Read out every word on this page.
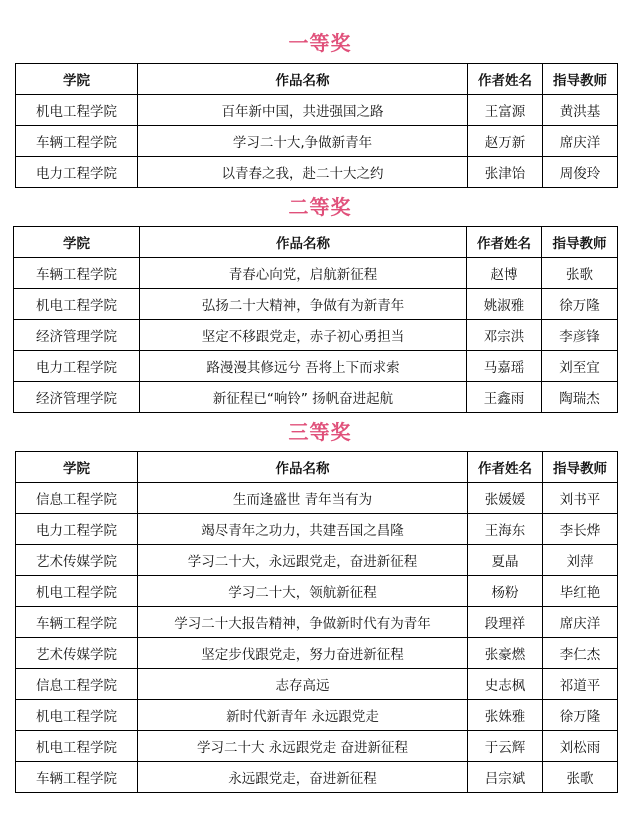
一等奖
学院	作品名称	作者姓名	指导教师
机电工程学院	百年新中国，共进强国之路	王富源	黄洪基
车辆工程学院	学习二十大,争做新青年	赵万新	席庆洋
电力工程学院	以青春之我，赴二十大之约	张津饴	周俊玲
二等奖
学院	作品名称	作者姓名	指导教师
车辆工程学院	青春心向党，启航新征程	赵博	张歌
机电工程学院	弘扬二十大精神，争做有为新青年	姚淑雅	徐万隆
经济管理学院	坚定不移跟党走，赤子初心勇担当	邓宗洪	李彦锋
电力工程学院	路漫漫其修远兮 吾将上下而求索	马嘉瑶	刘至宜
经济管理学院	新征程已“响铃” 扬帆奋进起航	王鑫雨	陶瑞杰
三等奖
学院	作品名称	作者姓名	指导教师
信息工程学院	生而逢盛世 青年当有为	张媛媛	刘书平
电力工程学院	竭尽青年之功力，共建吾国之昌隆	王海东	李长烨
艺术传媒学院	学习二十大，永远跟党走，奋进新征程	夏晶	刘萍
机电工程学院	学习二十大，领航新征程	杨粉	毕红艳
车辆工程学院	学习二十大报告精神，争做新时代有为青年	段理祥	席庆洋
艺术传媒学院	坚定步伐跟党走，努力奋进新征程	张豪燃	李仁杰
信息工程学院	志存高远	史志枫	祁道平
机电工程学院	新时代新青年 永远跟党走	张姝雅	徐万隆
机电工程学院	学习二十大 永远跟党走 奋进新征程	于云辉	刘松雨
车辆工程学院	永远跟党走，奋进新征程	吕宗斌	张歌
